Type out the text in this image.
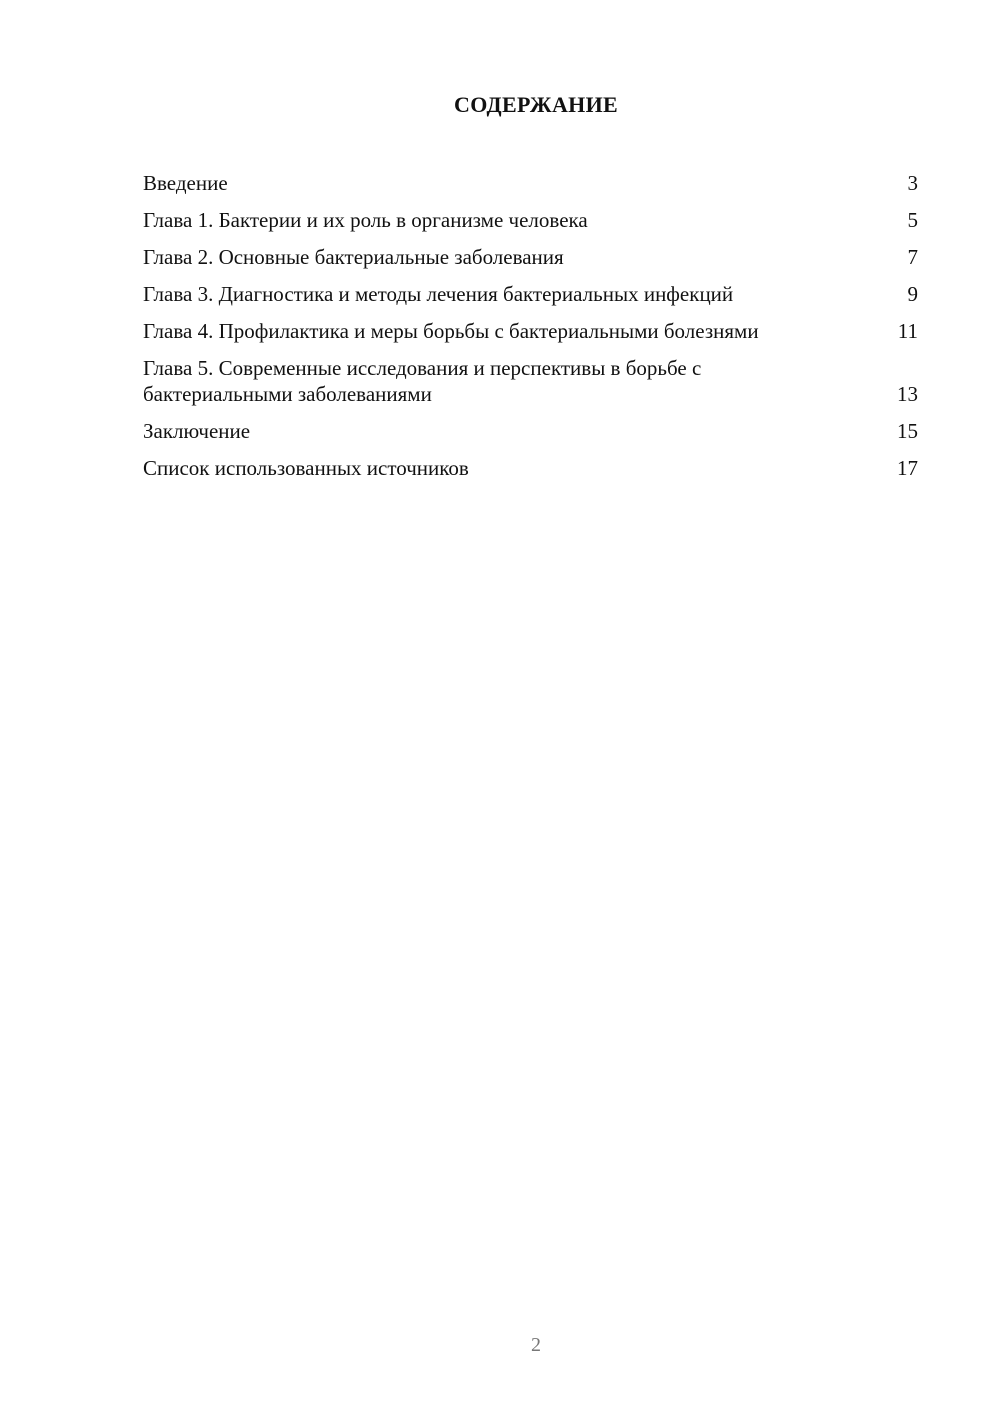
СОДЕРЖАНИЕ
Введение	3
Глава 1. Бактерии и их роль в организме человека	5
Глава 2. Основные бактериальные заболевания	7
Глава 3. Диагностика и методы лечения бактериальных инфекций	9
Глава 4. Профилактика и меры борьбы с бактериальными болезнями	11
Глава 5. Современные исследования и перспективы в борьбе с бактериальными заболеваниями	13
Заключение	15
Список использованных источников	17
2
